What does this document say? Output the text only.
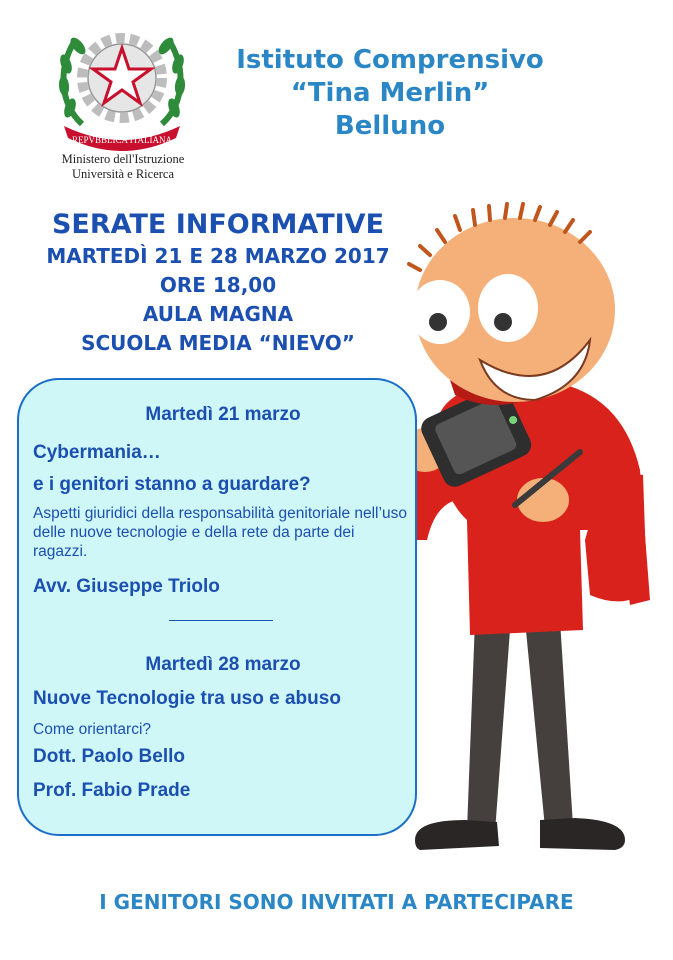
REPVBBLICA ITALIANA
Ministero dell'Istruzione
Università e Ricerca
Istituto Comprensivo
“Tina Merlin”
Belluno
SERATE INFORMATIVE
MARTEDÌ 21 E 28 MARZO 2017
ORE 18,00
AULA MAGNA
SCUOLA MEDIA “NIEVO”
Martedì 21 marzo
Cybermania…
e i genitori stanno a guardare?
Aspetti giuridici della responsabilità genitoriale nell’uso delle nuove tecnologie e della rete da parte dei ragazzi.
Avv. Giuseppe Triolo
Martedì 28 marzo
Nuove Tecnologie tra uso e abuso
Come orientarci?
Dott. Paolo Bello
Prof. Fabio Prade
I GENITORI SONO INVITATI A PARTECIPARE
